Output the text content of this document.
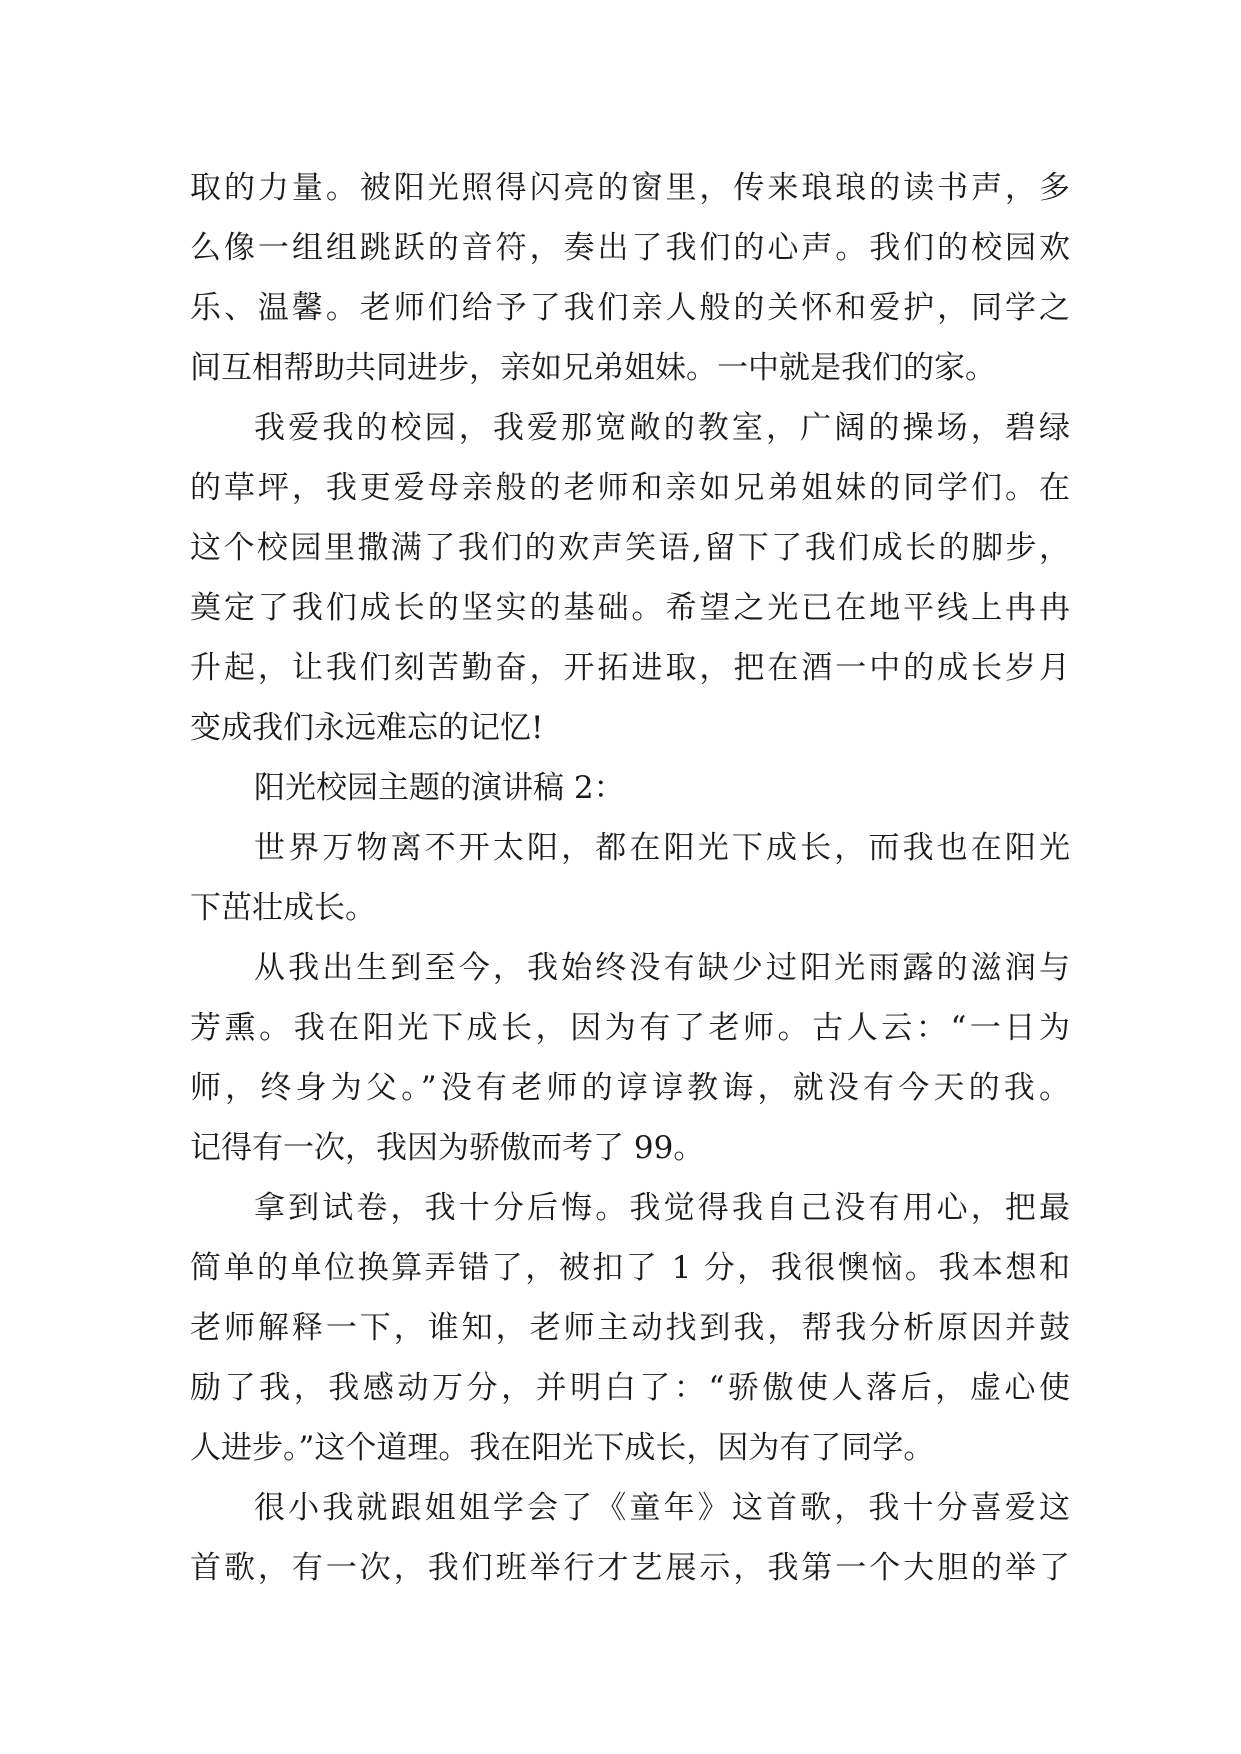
取的力量。被阳光照得闪亮的窗里，传来琅琅的读书声，多
么像一组组跳跃的音符，奏出了我们的心声。我们的校园欢
乐、温馨。老师们给予了我们亲人般的关怀和爱护，同学之
间互相帮助共同进步，亲如兄弟姐妹。一中就是我们的家。
我爱我的校园，我爱那宽敞的教室，广阔的操场，碧绿
的草坪，我更爱母亲般的老师和亲如兄弟姐妹的同学们。在
这个校园里撒满了我们的欢声笑语,留下了我们成长的脚步，
奠定了我们成长的坚实的基础。希望之光已在地平线上冉冉
升起，让我们刻苦勤奋，开拓进取，把在酒一中的成长岁月
变成我们永远难忘的记忆!
阳光校园主题的演讲稿 2：
世界万物离不开太阳，都在阳光下成长，而我也在阳光
下茁壮成长。
从我出生到至今，我始终没有缺少过阳光雨露的滋润与
芳熏。我在阳光下成长，因为有了老师。古人云：“一日为
师，终身为父。”没有老师的谆谆教诲，就没有今天的我。
记得有一次，我因为骄傲而考了 99。
拿到试卷，我十分后悔。我觉得我自己没有用心，把最
简单的单位换算弄错了，被扣了 1 分，我很懊恼。我本想和
老师解释一下，谁知，老师主动找到我，帮我分析原因并鼓
励了我，我感动万分，并明白了：“骄傲使人落后，虚心使
人进步。”这个道理。我在阳光下成长，因为有了同学。
很小我就跟姐姐学会了《童年》这首歌，我十分喜爱这
首歌，有一次，我们班举行才艺展示，我第一个大胆的举了
